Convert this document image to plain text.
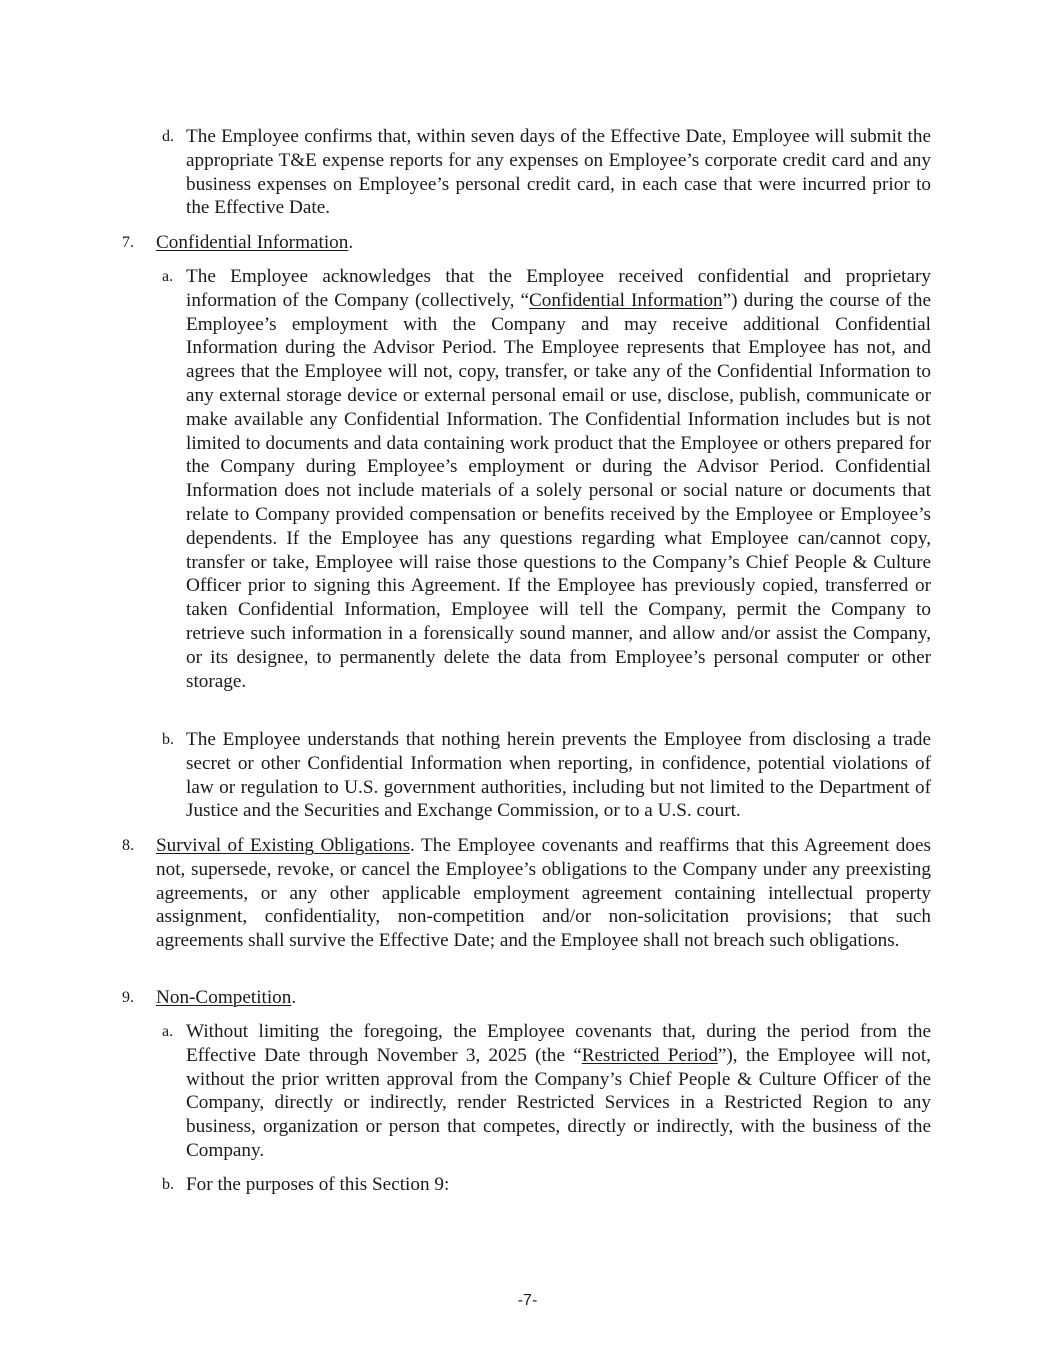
d. The Employee confirms that, within seven days of the Effective Date, Employee will submit the appropriate T&E expense reports for any expenses on Employee’s corporate credit card and any business expenses on Employee’s personal credit card, in each case that were incurred prior to the Effective Date.
7. Confidential Information.
a. The Employee acknowledges that the Employee received confidential and proprietary information of the Company (collectively, “Confidential Information”) during the course of the Employee’s employment with the Company and may receive additional Confidential Information during the Advisor Period. The Employee represents that Employee has not, and agrees that the Employee will not, copy, transfer, or take any of the Confidential Information to any external storage device or external personal email or use, disclose, publish, communicate or make available any Confidential Information. The Confidential Information includes but is not limited to documents and data containing work product that the Employee or others prepared for the Company during Employee’s employment or during the Advisor Period. Confidential Information does not include materials of a solely personal or social nature or documents that relate to Company provided compensation or benefits received by the Employee or Employee’s dependents. If the Employee has any questions regarding what Employee can/cannot copy, transfer or take, Employee will raise those questions to the Company’s Chief People & Culture Officer prior to signing this Agreement. If the Employee has previously copied, transferred or taken Confidential Information, Employee will tell the Company, permit the Company to retrieve such information in a forensically sound manner, and allow and/or assist the Company, or its designee, to permanently delete the data from Employee’s personal computer or other storage.
b. The Employee understands that nothing herein prevents the Employee from disclosing a trade secret or other Confidential Information when reporting, in confidence, potential violations of law or regulation to U.S. government authorities, including but not limited to the Department of Justice and the Securities and Exchange Commission, or to a U.S. court.
8. Survival of Existing Obligations. The Employee covenants and reaffirms that this Agreement does not, supersede, revoke, or cancel the Employee’s obligations to the Company under any preexisting agreements, or any other applicable employment agreement containing intellectual property assignment, confidentiality, non-competition and/or non-solicitation provisions; that such agreements shall survive the Effective Date; and the Employee shall not breach such obligations.
9. Non-Competition.
a. Without limiting the foregoing, the Employee covenants that, during the period from the Effective Date through November 3, 2025 (the “Restricted Period”), the Employee will not, without the prior written approval from the Company’s Chief People & Culture Officer of the Company, directly or indirectly, render Restricted Services in a Restricted Region to any business, organization or person that competes, directly or indirectly, with the business of the Company.
b. For the purposes of this Section 9:
-7-
